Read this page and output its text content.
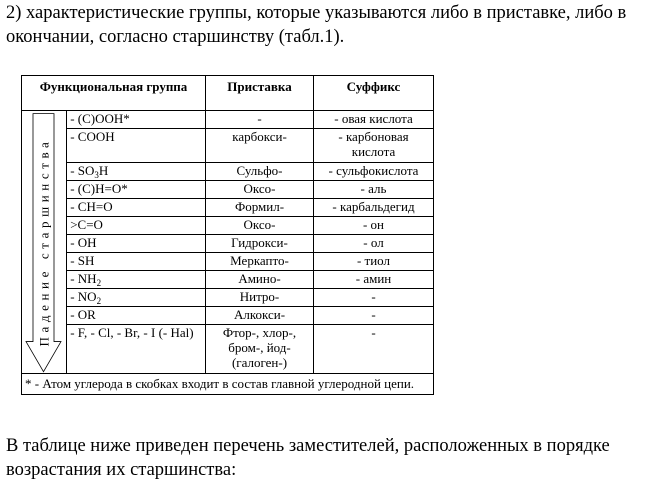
2) характеристические группы, которые указываются либо в приставке, либо в окончании, согласно старшинству (табл.1).
Функциональная группа		Приставка	Суффикс

Падение старшинства	- (C)OOH*	-	- овая кислота
	- COOH	карбокси-	- карбоновая кислота
	- $SO_3H$	Сульфо-	- сульфокислота
	- (C)H=O*	Оксо-	- аль
	- CH=O	Формил-	- карбальдегид
	>C=O	Оксо-	- он
	- OH	Гидрокси-	- ол
	- SH	Меркапто-	- тиол
	- $NH_2$	Амино-	- амин
	- $NO_2$	Нитро-	-
	- OR	Алкокси-	-
	- F, - Cl, - Br, - I (- Hal)	Фтор-, хлор-, бром-, йод- (галоген-)	-
* - Атом углерода в скобках входит в состав главной углеродной цепи.			
В таблице ниже приведен перечень заместителей, расположенных в порядке возрастания их старшинства:
